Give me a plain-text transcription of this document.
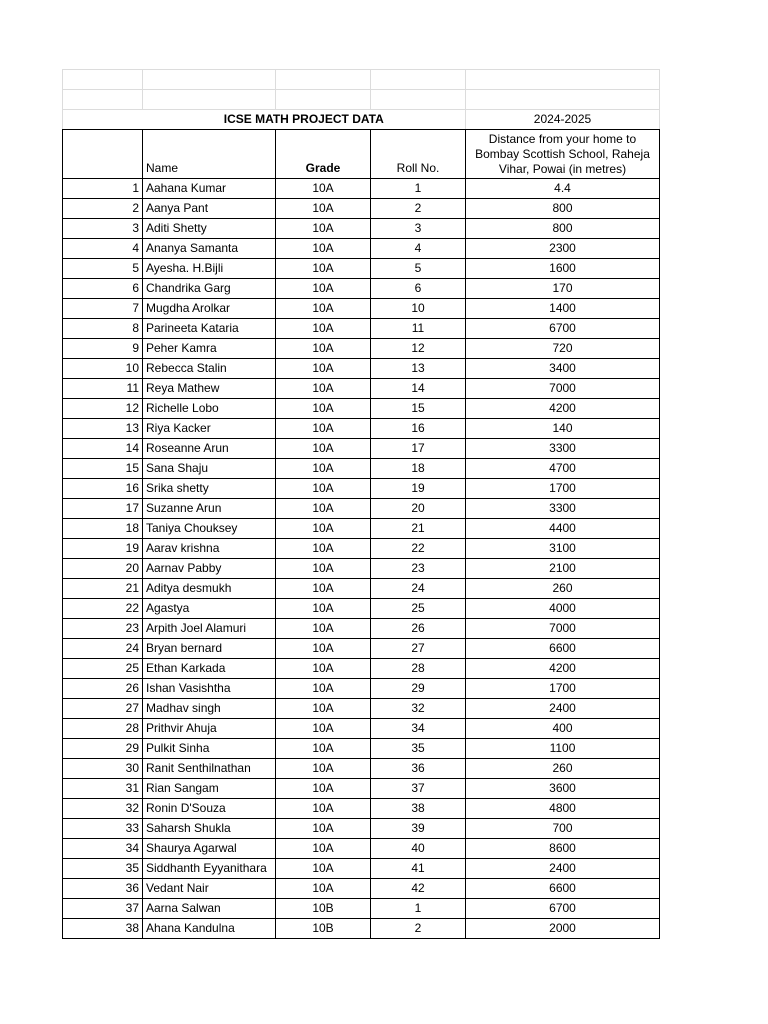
	ICSE MATH PROJECT DATA			2024-2025
	Name	Grade	Roll No.	Distance from your home to Bombay Scottish School, Raheja Vihar, Powai (in metres)
1	Aahana Kumar	10A	1	4.4
2	Aanya Pant	10A	2	800
3	Aditi Shetty	10A	3	800
4	Ananya Samanta	10A	4	2300
5	Ayesha. H.Bijli	10A	5	1600
6	Chandrika Garg	10A	6	170
7	Mugdha Arolkar	10A	10	1400
8	Parineeta Kataria	10A	11	6700
9	Peher Kamra	10A	12	720
10	Rebecca Stalin	10A	13	3400
11	Reya Mathew	10A	14	7000
12	Richelle Lobo	10A	15	4200
13	Riya Kacker	10A	16	140
14	Roseanne Arun	10A	17	3300
15	Sana Shaju	10A	18	4700
16	Srika shetty	10A	19	1700
17	Suzanne Arun	10A	20	3300
18	Taniya Chouksey	10A	21	4400
19	Aarav krishna	10A	22	3100
20	Aarnav Pabby	10A	23	2100
21	Aditya desmukh	10A	24	260
22	Agastya	10A	25	4000
23	Arpith Joel Alamuri	10A	26	7000
24	Bryan bernard	10A	27	6600
25	Ethan Karkada	10A	28	4200
26	Ishan Vasishtha	10A	29	1700
27	Madhav singh	10A	32	2400
28	Prithvir Ahuja	10A	34	400
29	Pulkit Sinha	10A	35	1100
30	Ranit Senthilnathan	10A	36	260
31	Rian Sangam	10A	37	3600
32	Ronin D'Souza	10A	38	4800
33	Saharsh Shukla	10A	39	700
34	Shaurya Agarwal	10A	40	8600
35	Siddhanth Eyyanithara	10A	41	2400
36	Vedant Nair	10A	42	6600
37	Aarna Salwan	10B	1	6700
38	Ahana Kandulna	10B	2	2000
